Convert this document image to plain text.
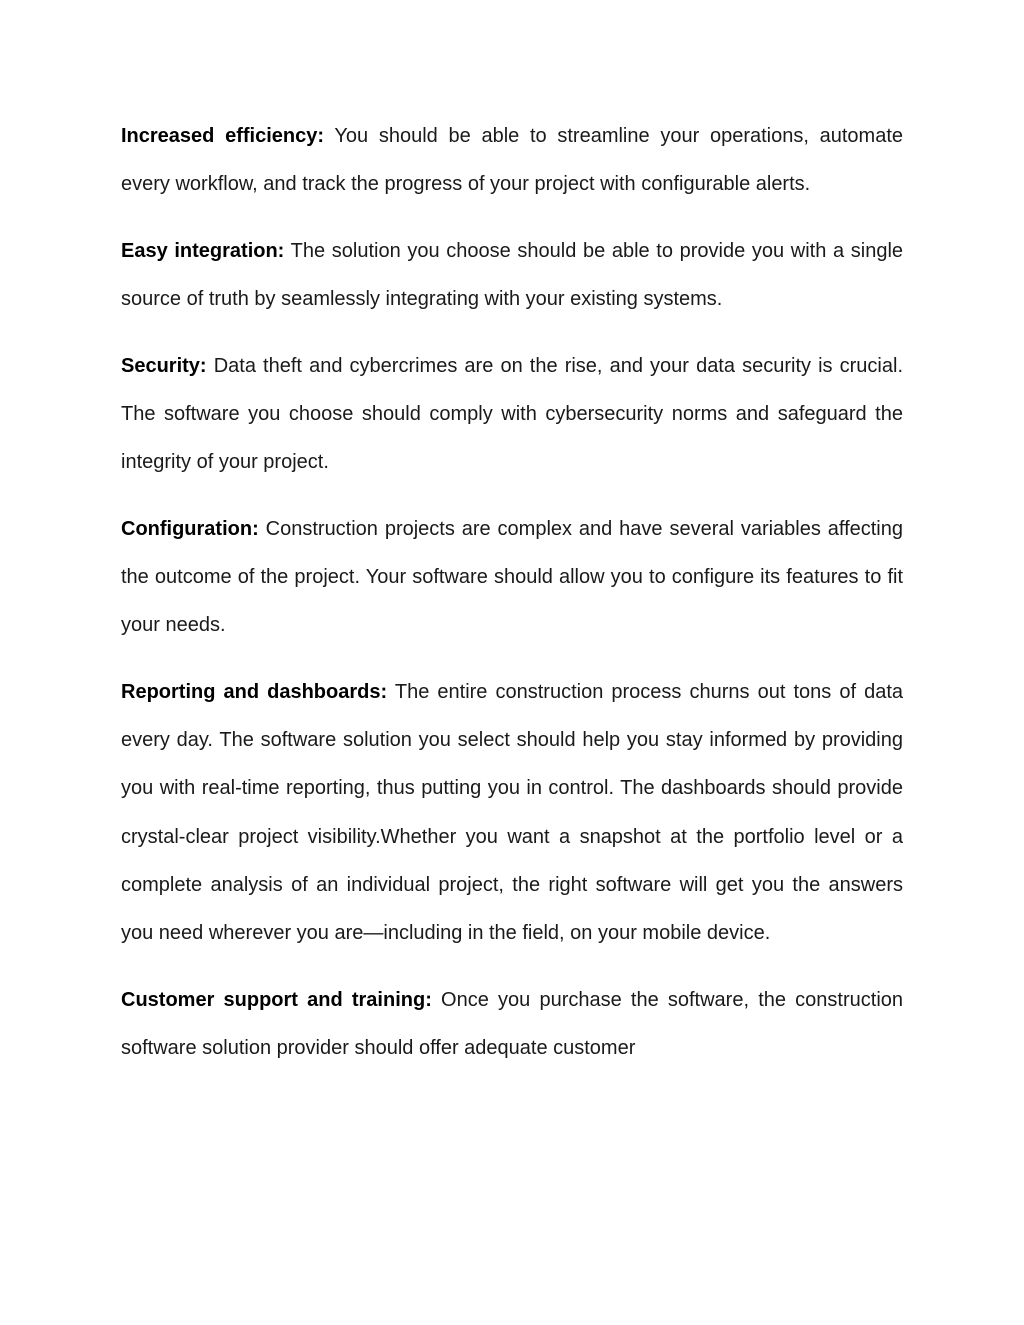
Increased efficiency: You should be able to streamline your operations, automate every workflow, and track the progress of your project with configurable alerts.

Easy integration: The solution you choose should be able to provide you with a single source of truth by seamlessly integrating with your existing systems.

Security: Data theft and cybercrimes are on the rise, and your data security is crucial. The software you choose should comply with cybersecurity norms and safeguard the integrity of your project.

Configuration: Construction projects are complex and have several variables affecting the outcome of the project. Your software should allow you to configure its features to fit your needs.

Reporting and dashboards: The entire construction process churns out tons of data every day. The software solution you select should help you stay informed by providing you with real-time reporting, thus putting you in control. The dashboards should provide crystal-clear project visibility.Whether you want a snapshot at the portfolio level or a complete analysis of an individual project, the right software will get you the answers you need wherever you are—including in the field, on your mobile device.

Customer support and training: Once you purchase the software, the construction software solution provider should offer adequate customer
